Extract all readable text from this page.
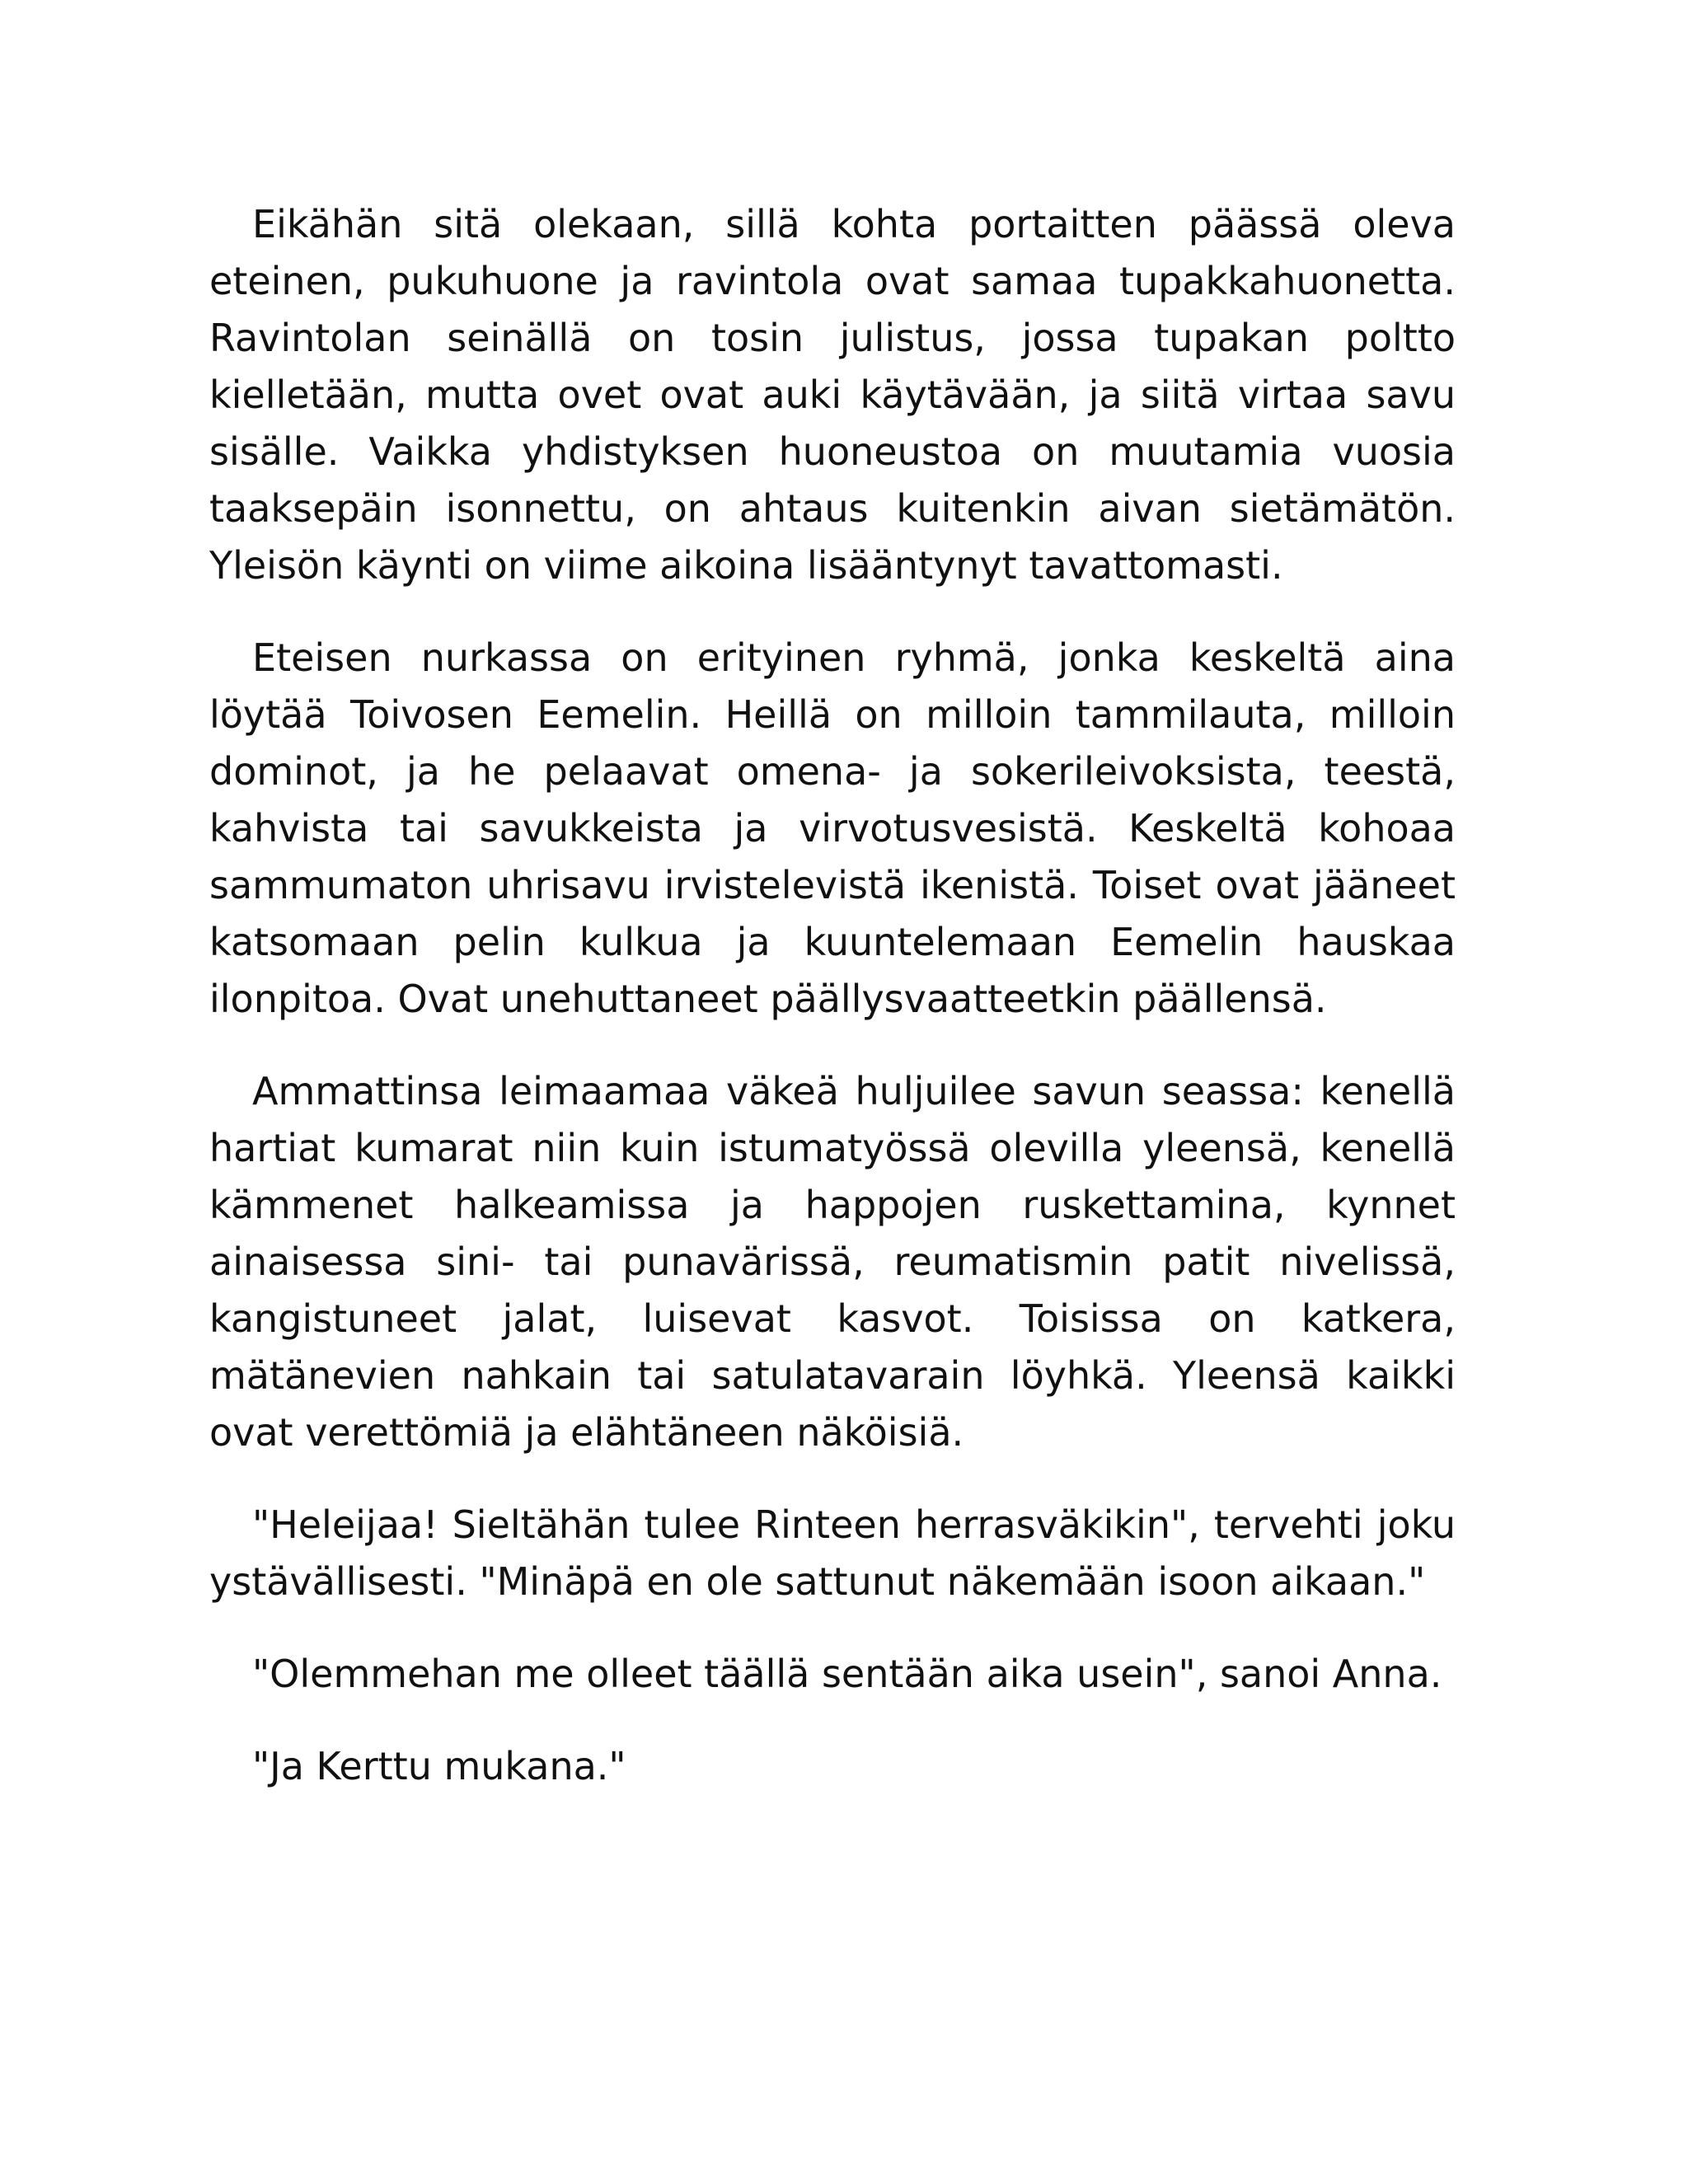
Eikähän sitä olekaan, sillä kohta portaitten päässä oleva eteinen, pukuhuone ja ravintola ovat samaa tupakkahuonetta. Ravintolan seinällä on tosin julistus, jossa tupakan poltto kielletään, mutta ovet ovat auki käytävään, ja siitä virtaa savu sisälle. Vaikka yhdistyksen huoneustoa on muutamia vuosia taaksepäin isonnettu, on ahtaus kuitenkin aivan sietämätön. Yleisön käynti on viime aikoina lisääntynyt tavattomasti.

Eteisen nurkassa on erityinen ryhmä, jonka keskeltä aina löytää Toivosen Eemelin. Heillä on milloin tammilauta, milloin dominot, ja he pelaavat omena- ja sokerileivoksista, teestä, kahvista tai savukkeista ja virvotusvesistä. Keskeltä kohoaa sammumaton uhrisavu irvistelevistä ikenistä. Toiset ovat jääneet katsomaan pelin kulkua ja kuuntelemaan Eemelin hauskaa ilonpitoa. Ovat unehuttaneet päällysvaatteetkin päällensä.

Ammattinsa leimaamaa väkeä huljuilee savun seassa: kenellä hartiat kumarat niin kuin istumatyössä olevilla yleensä, kenellä kämmenet halkeamissa ja happojen ruskettamina, kynnet ainaisessa sini- tai punavärissä, reumatismin patit nivelissä, kangistuneet jalat, luisevat kasvot. Toisissa on katkera, mätänevien nahkain tai satulatavarain löyhkä. Yleensä kaikki ovat verettömiä ja elähtäneen näköisiä.

"Heleijaa! Sieltähän tulee Rinteen herrasväkikin", tervehti joku ystävällisesti. "Minäpä en ole sattunut näkemään isoon aikaan."

"Olemmehan me olleet täällä sentään aika usein", sanoi Anna.

"Ja Kerttu mukana."
